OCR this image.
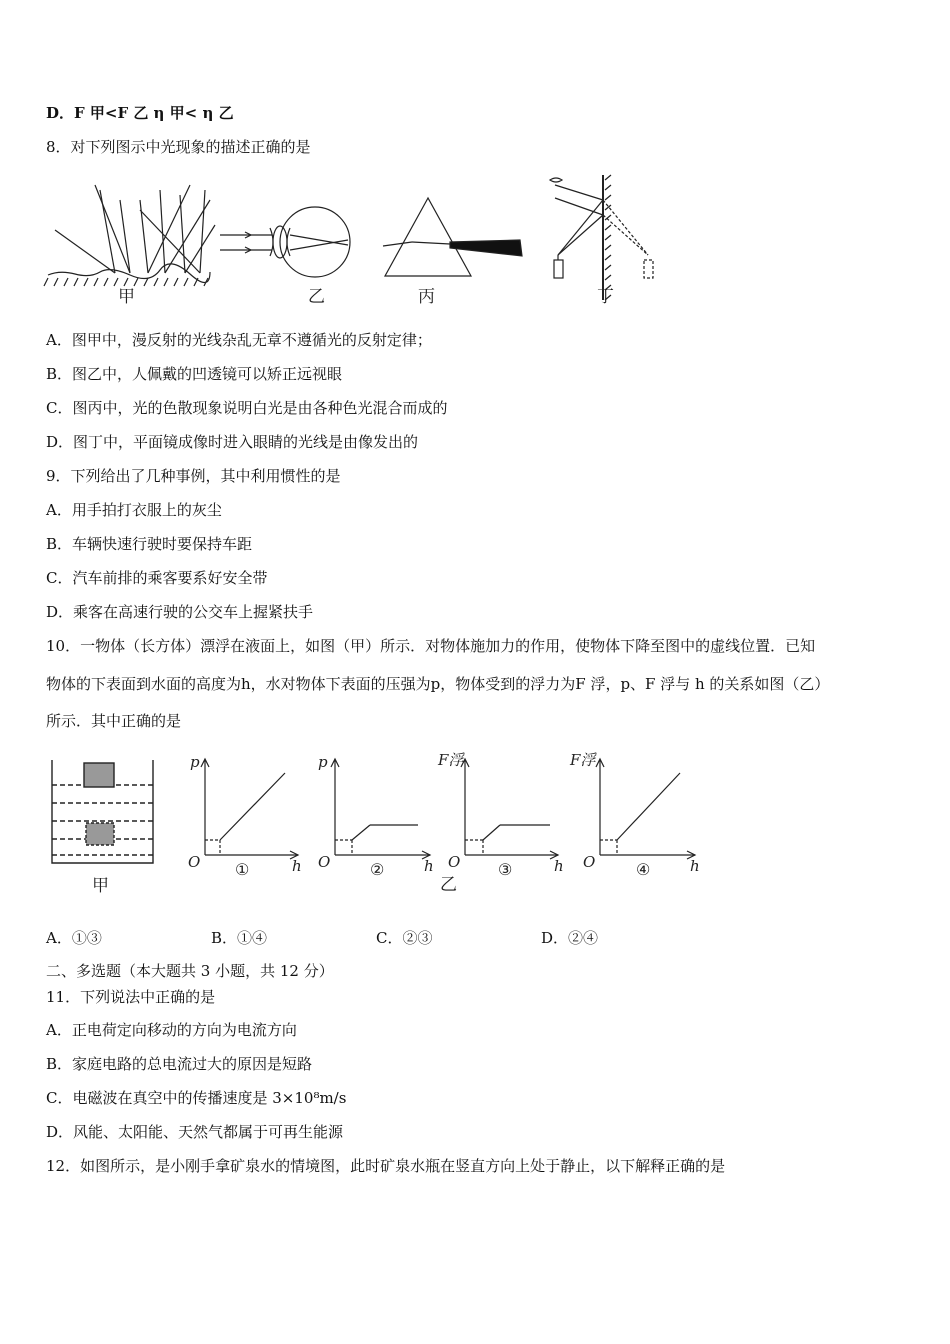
D．F 甲<F 乙 η 甲< η 乙
8．对下列图示中光现象的描述正确的是
甲	乙	丙	丁
A．图甲中，漫反射的光线杂乱无章不遵循光的反射定律；
B．图乙中，人佩戴的凹透镜可以矫正远视眼
C．图丙中，光的色散现象说明白光是由各种色光混合而成的
D．图丁中，平面镜成像时进入眼睛的光线是由像发出的
9．下列给出了几种事例，其中利用惯性的是
A．用手拍打衣服上的灰尘
B．车辆快速行驶时要保持车距
C．汽车前排的乘客要系好安全带
D．乘客在高速行驶的公交车上握紧扶手
10．一物体（长方体）漂浮在液面上，如图（甲）所示．对物体施加力的作用，使物体下降至图中的虚线位置．已知
物体的下表面到水面的高度为h，水对物体下表面的压强为p，物体受到的浮力为F 浮，p、F 浮与 h 的关系如图（乙）
所示．其中正确的是
甲
p
O	h
①
p
O	h
②
F浮
O	h
③
乙
F浮
O	h
④
A．①③	B．①④	C．②③	D．②④
二、多选题（本大题共 3 小题，共 12 分）
11．下列说法中正确的是
A．正电荷定向移动的方向为电流方向
B．家庭电路的总电流过大的原因是短路
C．电磁波在真空中的传播速度是 3×10⁸m/s
D．风能、太阳能、天然气都属于可再生能源
12．如图所示，是小刚手拿矿泉水的情境图，此时矿泉水瓶在竖直方向上处于静止，以下解释正确的是
